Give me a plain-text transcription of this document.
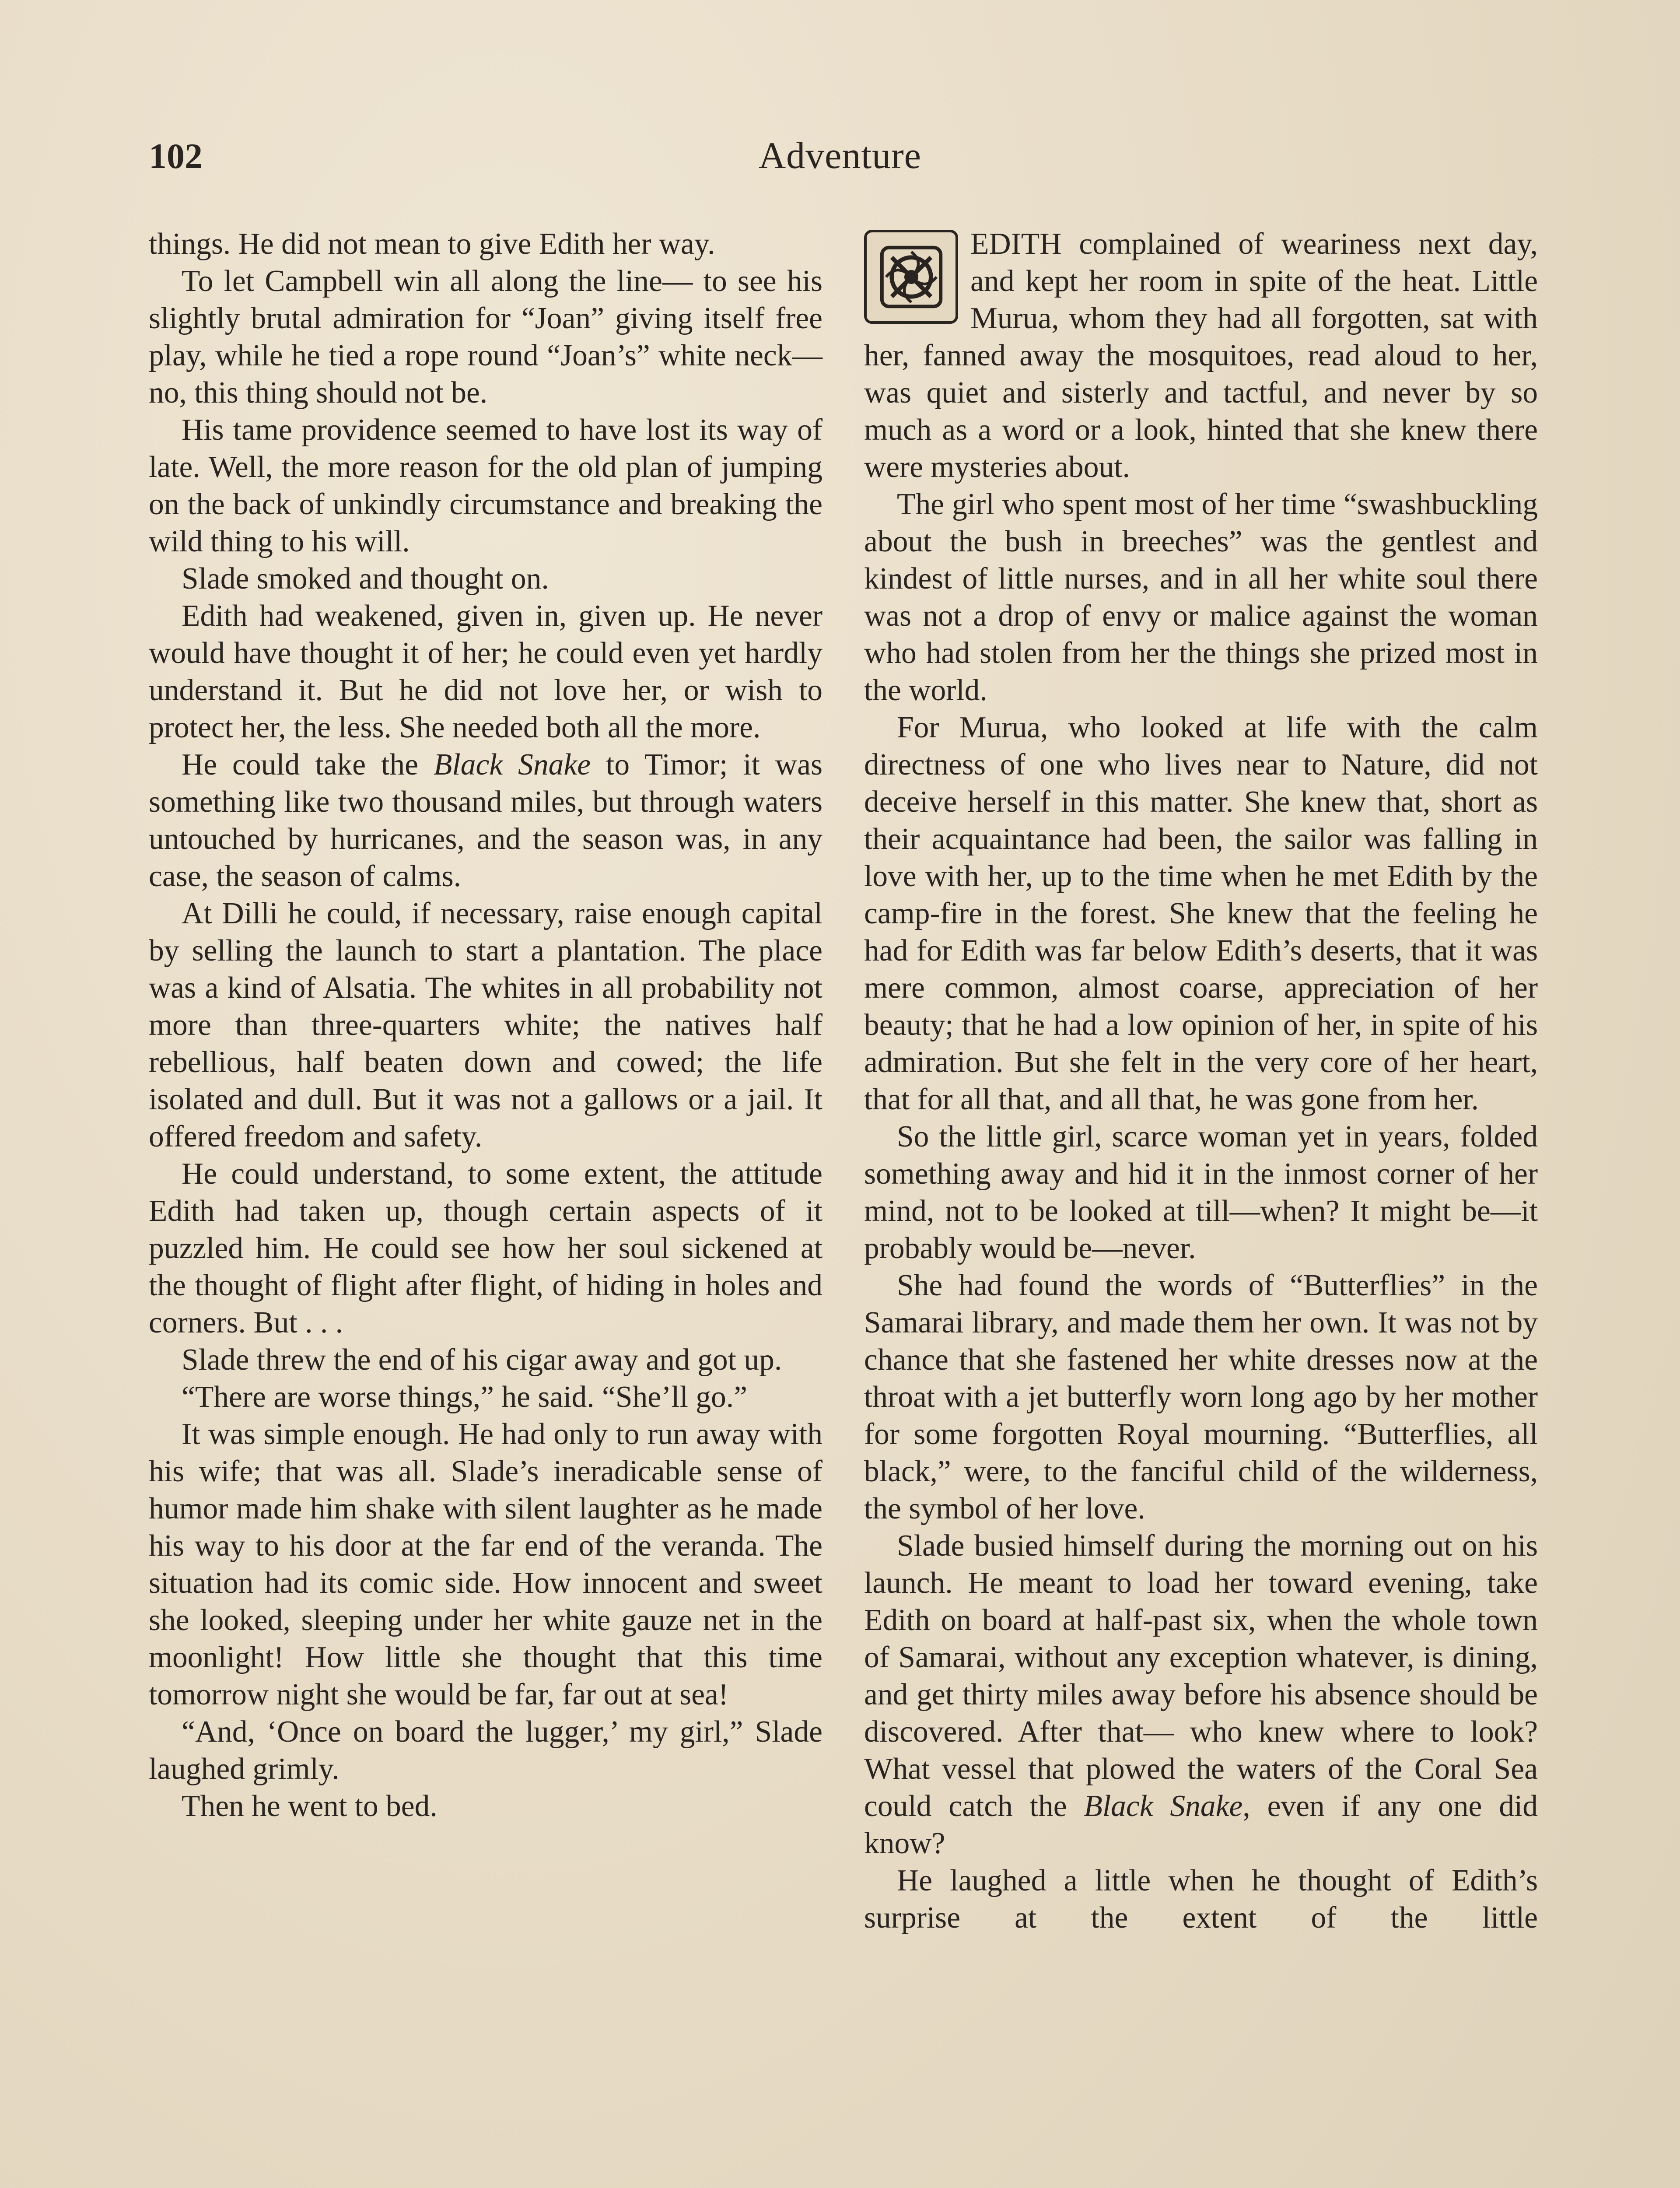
102	Adventure

things. He did not mean to give Edith her way.

To let Campbell win all along the line— to see his slightly brutal admiration for “Joan” giving itself free play, while he tied a rope round “Joan’s” white neck—no, this thing should not be.

His tame providence seemed to have lost its way of late. Well, the more reason for the old plan of jumping on the back of unkindly circumstance and breaking the wild thing to his will.

Slade smoked and thought on.

Edith had weakened, given in, given up. He never would have thought it of her; he could even yet hardly understand it. But he did not love her, or wish to protect her, the less. She needed both all the more.

He could take the Black Snake to Timor; it was something like two thousand miles, but through waters untouched by hurricanes, and the season was, in any case, the season of calms.

At Dilli he could, if necessary, raise enough capital by selling the launch to start a plantation. The place was a kind of Alsatia. The whites in all probability not more than three-quarters white; the natives half rebellious, half beaten down and cowed; the life isolated and dull. But it was not a gallows or a jail. It offered freedom and safety.

He could understand, to some extent, the attitude Edith had taken up, though certain aspects of it puzzled him. He could see how her soul sickened at the thought of flight after flight, of hiding in holes and corners. But . . .

Slade threw the end of his cigar away and got up.

“There are worse things,” he said. “She’ll go.”

It was simple enough. He had only to run away with his wife; that was all. Slade’s ineradicable sense of humor made him shake with silent laughter as he made his way to his door at the far end of the veranda. The situation had its comic side. How innocent and sweet she looked, sleeping under her white gauze net in the moonlight! How little she thought that this time tomorrow night she would be far, far out at sea!

“And, ‘Once on board the lugger,’ my girl,” Slade laughed grimly.

Then he went to bed.

EDITH complained of weariness next day, and kept her room in spite of the heat. Little Murua, whom they had all forgotten, sat with her, fanned away the mosquitoes, read aloud to her, was quiet and sisterly and tactful, and never by so much as a word or a look, hinted that she knew there were mysteries about.

The girl who spent most of her time “swashbuckling about the bush in breeches” was the gentlest and kindest of little nurses, and in all her white soul there was not a drop of envy or malice against the woman who had stolen from her the things she prized most in the world.

For Murua, who looked at life with the calm directness of one who lives near to Nature, did not deceive herself in this matter. She knew that, short as their acquaintance had been, the sailor was falling in love with her, up to the time when he met Edith by the camp-fire in the forest. She knew that the feeling he had for Edith was far below Edith’s deserts, that it was mere common, almost coarse, appreciation of her beauty; that he had a low opinion of her, in spite of his admiration. But she felt in the very core of her heart, that for all that, and all that, he was gone from her.

So the little girl, scarce woman yet in years, folded something away and hid it in the inmost corner of her mind, not to be looked at till—when? It might be—it probably would be—never.

She had found the words of “Butterflies” in the Samarai library, and made them her own. It was not by chance that she fastened her white dresses now at the throat with a jet butterfly worn long ago by her mother for some forgotten Royal mourning. “Butterflies, all black,” were, to the fanciful child of the wilderness, the symbol of her love.

Slade busied himself during the morning out on his launch. He meant to load her toward evening, take Edith on board at half-past six, when the whole town of Samarai, without any exception whatever, is dining, and get thirty miles away before his absence should be discovered. After that— who knew where to look? What vessel that plowed the waters of the Coral Sea could catch the Black Snake, even if any one did know?

He laughed a little when he thought of Edith’s surprise at the extent of the little
